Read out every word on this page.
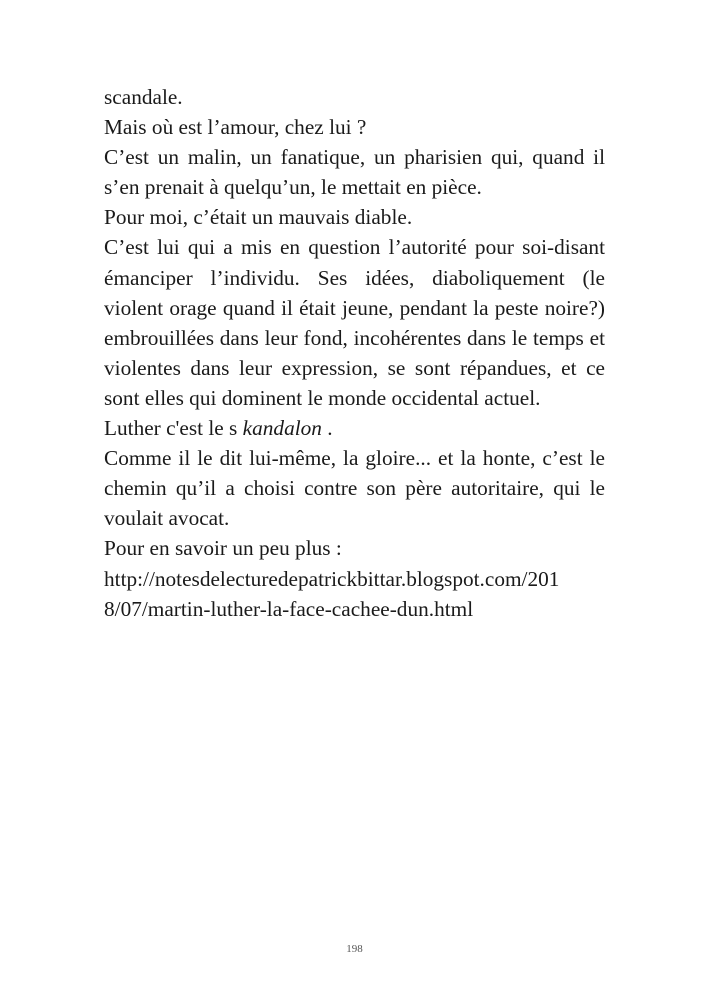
scandale.

Mais où est l’amour, chez lui ?

C’est un malin, un fanatique, un pharisien qui, quand il s’en prenait à quelqu’un, le mettait en pièce.

Pour moi, c’était un mauvais diable.

C’est lui qui a mis en question l’autorité pour soi-disant émanciper l’individu. Ses idées, diaboliquement (le violent orage quand il était jeune, pendant la peste noire?) embrouillées dans leur fond, incohérentes dans le temps et violentes dans leur expression, se sont répandues, et ce sont elles qui dominent le monde occidental actuel.

Luther c'est le s kandalon .

Comme il le dit lui-même, la gloire... et la honte, c’est le chemin qu’il a choisi contre son père autoritaire, qui le voulait avocat.

Pour en savoir un peu plus :

http://notesdelecturedepatrickbittar.blogspot.com/201

8/07/martin-luther-la-face-cachee-dun.html

198
